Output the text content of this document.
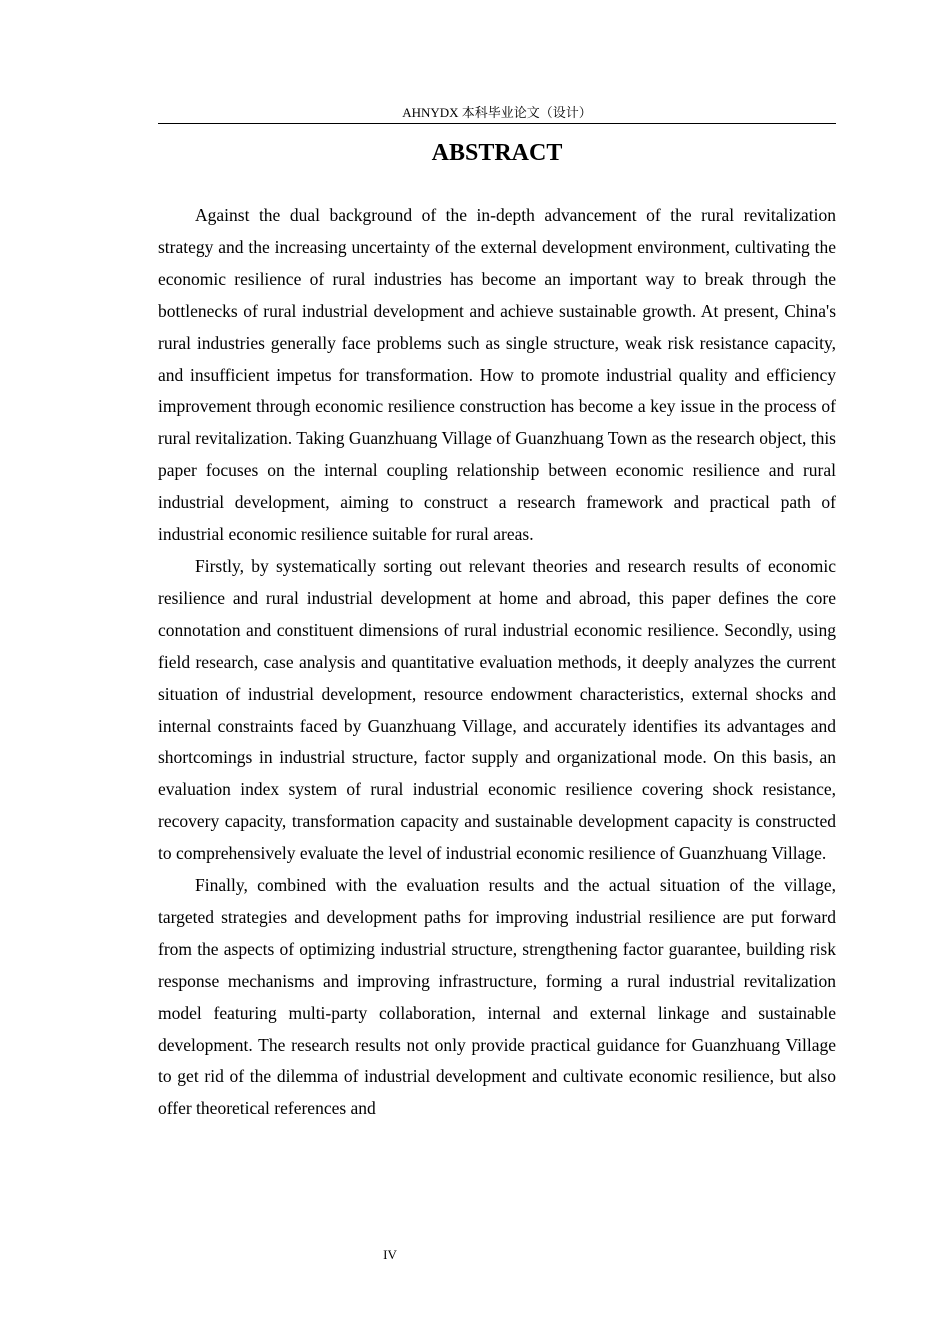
AHNYDX 本科毕业论文（设计）
ABSTRACT

Against the dual background of the in-depth advancement of the rural revitalization strategy and the increasing uncertainty of the external development environment, cultivating the economic resilience of rural industries has become an important way to break through the bottlenecks of rural industrial development and achieve sustainable growth. At present, China's rural industries generally face problems such as single structure, weak risk resistance capacity, and insufficient impetus for transformation. How to promote industrial quality and efficiency improvement through economic resilience construction has become a key issue in the process of rural revitalization. Taking Guanzhuang Village of Guanzhuang Town as the research object, this paper focuses on the internal coupling relationship between economic resilience and rural industrial development, aiming to construct a research framework and practical path of industrial economic resilience suitable for rural areas.

Firstly, by systematically sorting out relevant theories and research results of economic resilience and rural industrial development at home and abroad, this paper defines the core connotation and constituent dimensions of rural industrial economic resilience. Secondly, using field research, case analysis and quantitative evaluation methods, it deeply analyzes the current situation of industrial development, resource endowment characteristics, external shocks and internal constraints faced by Guanzhuang Village, and accurately identifies its advantages and shortcomings in industrial structure, factor supply and organizational mode. On this basis, an evaluation index system of rural industrial economic resilience covering shock resistance, recovery capacity, transformation capacity and sustainable development capacity is constructed to comprehensively evaluate the level of industrial economic resilience of Guanzhuang Village.

Finally, combined with the evaluation results and the actual situation of the village, targeted strategies and development paths for improving industrial resilience are put forward from the aspects of optimizing industrial structure, strengthening factor guarantee, building risk response mechanisms and improving infrastructure, forming a rural industrial revitalization model featuring multi-party collaboration, internal and external linkage and sustainable development. The research results not only provide practical guidance for Guanzhuang Village to get rid of the dilemma of industrial development and cultivate economic resilience, but also offer theoretical references and

IV
